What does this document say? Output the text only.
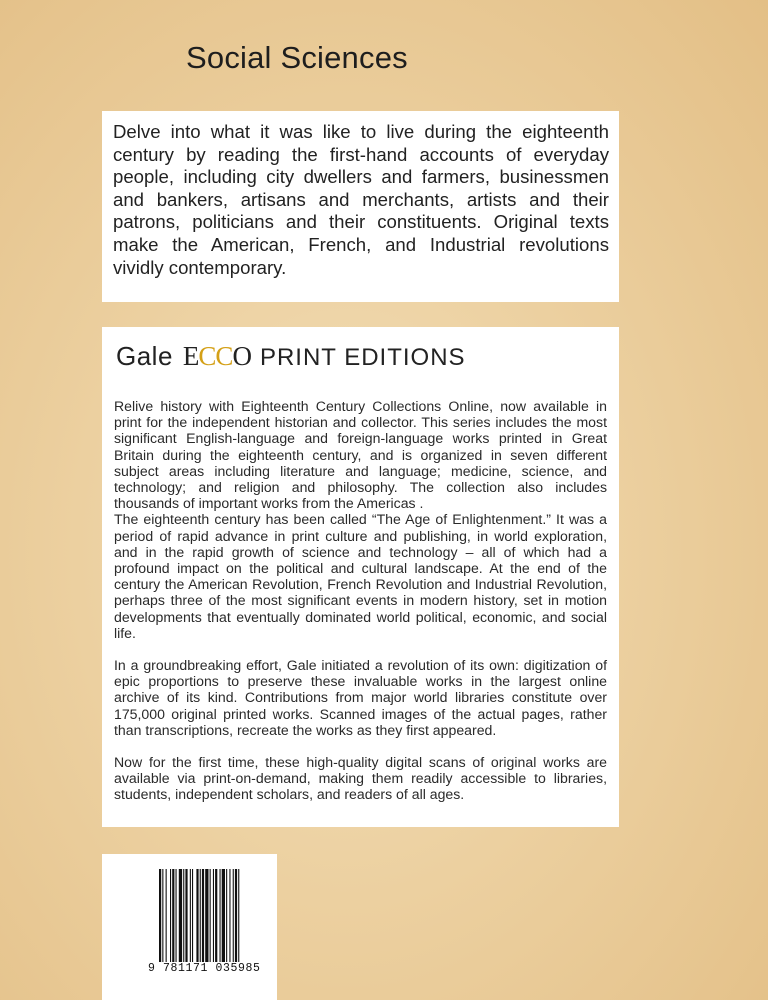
Social Sciences

Delve into what it was like to live during the eighteenth century by reading the first-hand accounts of everyday people, including city dwellers and farmers, businessmen and bankers, artisans and merchants, artists and their patrons, politicians and their constituents. Original texts make the American, French, and Industrial revolutions vividly contemporary.

Gale ECCO PRINT EDITIONS

Relive history with Eighteenth Century Collections Online, now available in print for the independent historian and collector. This series includes the most significant English-language and foreign-language works printed in Great Britain during the eighteenth century, and is organized in seven different subject areas including literature and language; medicine, science, and technology; and religion and philosophy. The collection also includes thousands of important works from the Americas .

The eighteenth century has been called “The Age of Enlightenment.” It was a period of rapid advance in print culture and publishing, in world exploration, and in the rapid growth of science and technology – all of which had a profound impact on the political and cultural landscape. At the end of the century the American Revolution, French Revolution and Industrial Revolution, perhaps three of the most significant events in modern history, set in motion developments that eventually dominated world political, economic, and social life.

In a groundbreaking effort, Gale initiated a revolution of its own: digitization of epic proportions to preserve these invaluable works in the largest online archive of its kind. Contributions from major world libraries constitute over 175,000 original printed works. Scanned images of the actual pages, rather than transcriptions, recreate the works as they first appeared.

Now for the first time, these high-quality digital scans of original works are available via print-on-demand, making them readily accessible to libraries, students, independent scholars, and readers of all ages.

9 781171 035985
